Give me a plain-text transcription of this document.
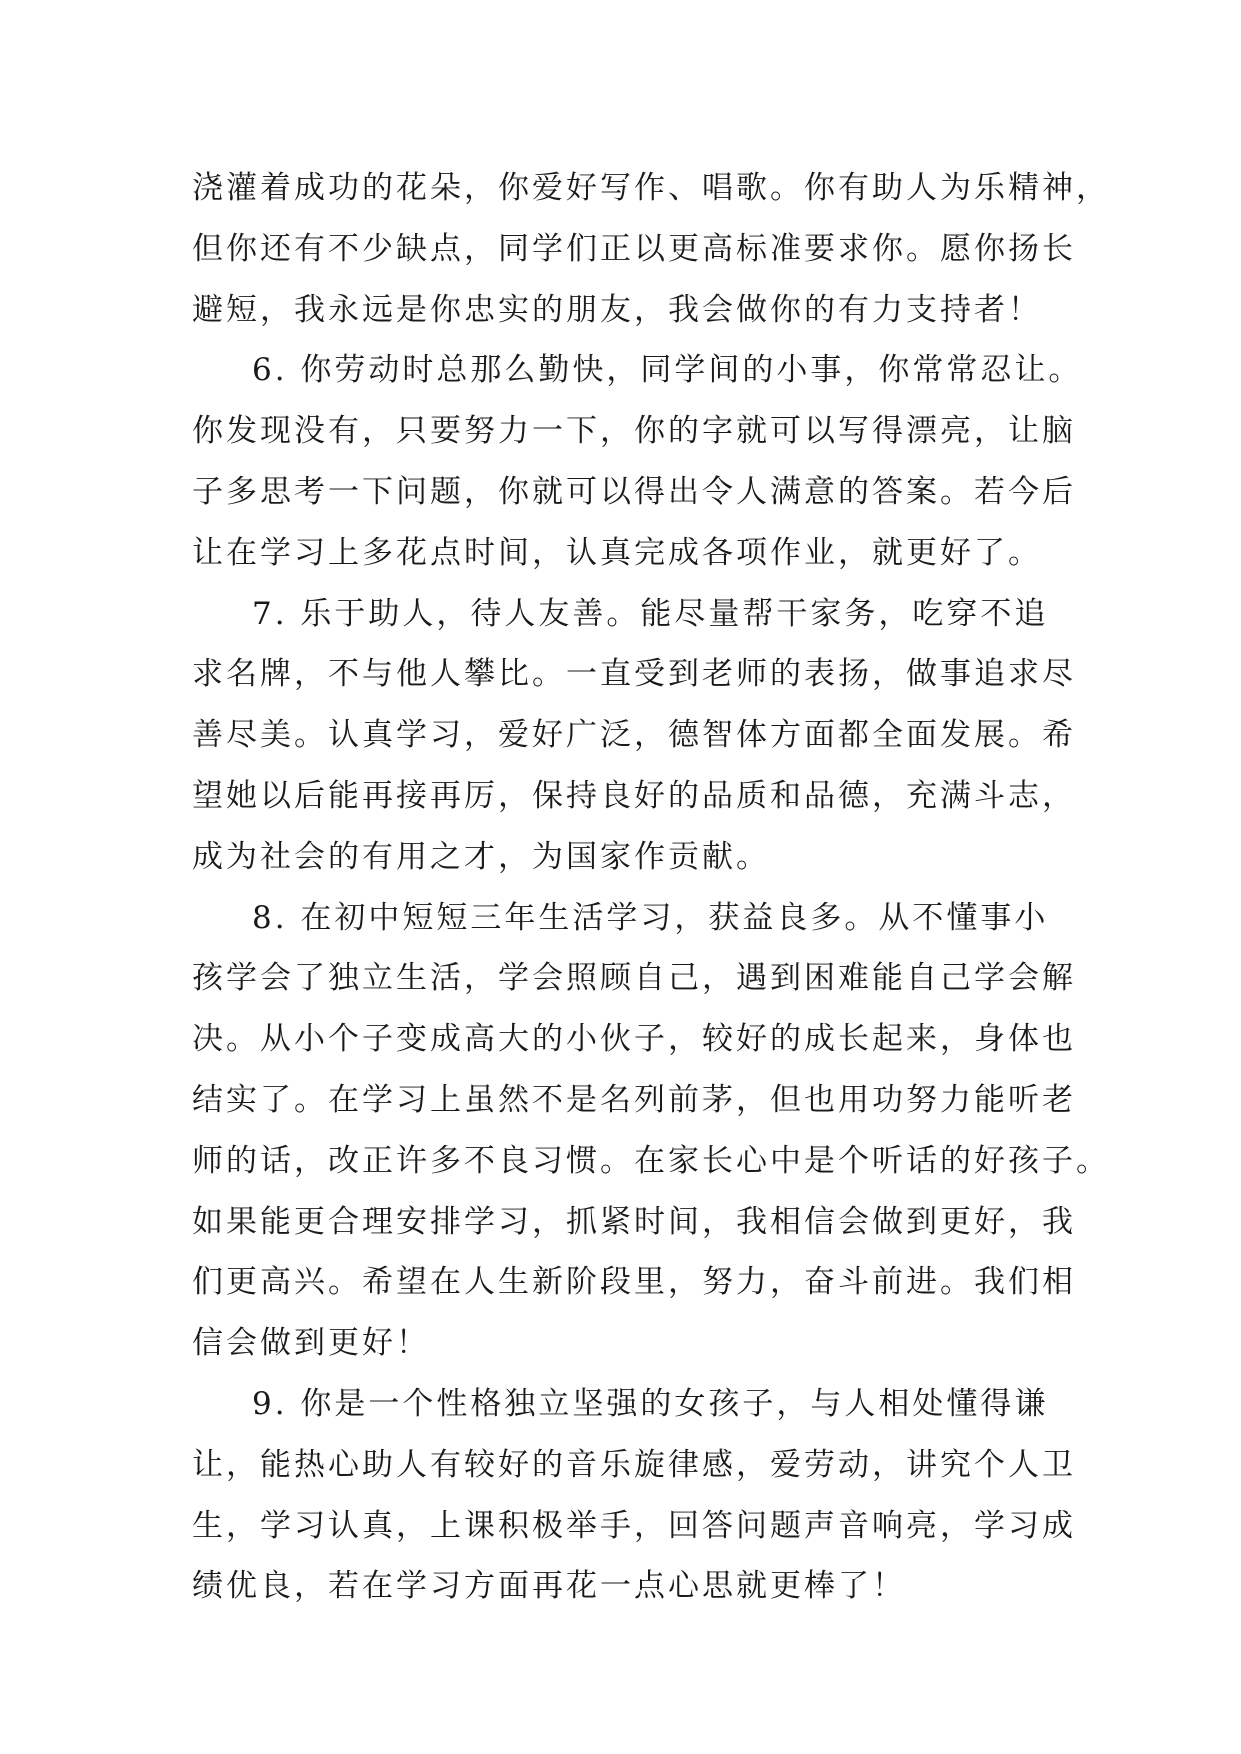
浇灌着成功的花朵，你爱好写作、唱歌。你有助人为乐精神，
但你还有不少缺点，同学们正以更高标准要求你。愿你扬长
避短，我永远是你忠实的朋友，我会做你的有力支持者！
6. 你劳动时总那么勤快，同学间的小事，你常常忍让。
你发现没有，只要努力一下，你的字就可以写得漂亮，让脑
子多思考一下问题，你就可以得出令人满意的答案。若今后
让在学习上多花点时间，认真完成各项作业，就更好了。
7. 乐于助人，待人友善。能尽量帮干家务，吃穿不追
求名牌，不与他人攀比。一直受到老师的表扬，做事追求尽
善尽美。认真学习，爱好广泛，德智体方面都全面发展。希
望她以后能再接再厉，保持良好的品质和品德，充满斗志，
成为社会的有用之才，为国家作贡献。
8. 在初中短短三年生活学习，获益良多。从不懂事小
孩学会了独立生活，学会照顾自己，遇到困难能自己学会解
决。从小个子变成高大的小伙子，较好的成长起来，身体也
结实了。在学习上虽然不是名列前茅，但也用功努力能听老
师的话，改正许多不良习惯。在家长心中是个听话的好孩子。
如果能更合理安排学习，抓紧时间，我相信会做到更好，我
们更高兴。希望在人生新阶段里，努力，奋斗前进。我们相
信会做到更好！
9. 你是一个性格独立坚强的女孩子，与人相处懂得谦
让，能热心助人有较好的音乐旋律感，爱劳动，讲究个人卫
生，学习认真，上课积极举手，回答问题声音响亮，学习成
绩优良，若在学习方面再花一点心思就更棒了！
